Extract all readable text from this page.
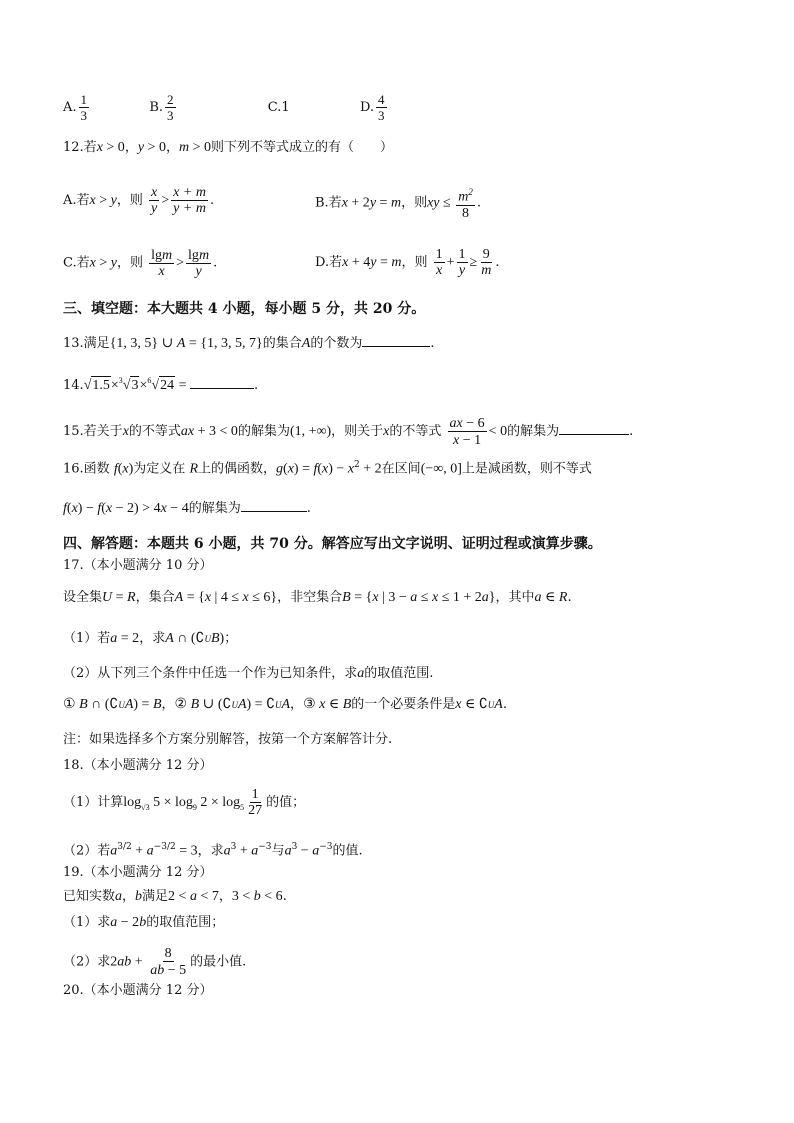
A. $\frac{1}{3}$	B. $\frac{2}{3}$	C.1	D. $\frac{4}{3}$
12.若x > 0，y > 0，m > 0则下列不等式成立的有（　　）
A.若x > y，则 $\frac{x}{y} > \frac{x + m}{y + m}$ .	B.若x + 2y = m，则xy ≤ $\frac{m^2}{8}$ .
C.若x > y，则 $\frac{\lg m}{x} > \frac{\lg m}{y}$ .	D.若x + 4y = m，则 $\frac{1}{x} + \frac{1}{y} \ge \frac{9}{m}$ .
三、填空题：本大题共 4 小题，每小题 5 分，共 20 分。
13.满足{1, 3, 5} ∪ A = {1, 3, 5, 7}的集合A的个数为	.
14.√1.5×$^3$√3×$^6$√24 =	.
15.若关于x的不等式ax + 3 < 0的解集为(1, +∞)，则关于x的不等式 $\frac{ax - 6}{x - 1} < 0$的解集为	.
16.函数 f(x)为定义在 R上的偶函数，$g(x) = f(x) - x^2 + 2$在区间(−∞, 0]上是减函数，则不等式
f(x) − f(x − 2) > 4x − 4的解集为	.
四、解答题：本题共 6 小题，共 70 分。解答应写出文字说明、证明过程或演算步骤。
17.（本小题满分 10 分）
设全集U = R，集合A = {x | 4 ≤ x ≤ 6}，非空集合B = {x | 3 − a ≤ x ≤ 1 + 2a}，其中a ∈ R.
（1）若a = 2，求A ∩ (∁UB)；
（2）从下列三个条件中任选一个作为已知条件，求a的取值范围.
① B ∩ (∁UA) = B，② B ∪ (∁UA) = ∁UA，③ x ∈ B的一个必要条件是x ∈ ∁UA.
注：如果选择多个方案分别解答，按第一个方案解答计分.
18.（本小题满分 12 分）
（1）计算$\log_{√3} 5 \times \log_9 2 \times \log_5 \frac{1}{27}$ 的值；
（2）若$a^{3/2} + a^{-3/2} = 3$，求$a^3 + a^{-3}$与$a^3 - a^{-3}$的值.
19.（本小题满分 12 分）
已知实数a，b满足2 < a < 7，3 < b < 6.
（1）求a − 2b的取值范围；
（2）求$2ab + \frac{8}{ab - 5}$ 的最小值.
20.（本小题满分 12 分）
